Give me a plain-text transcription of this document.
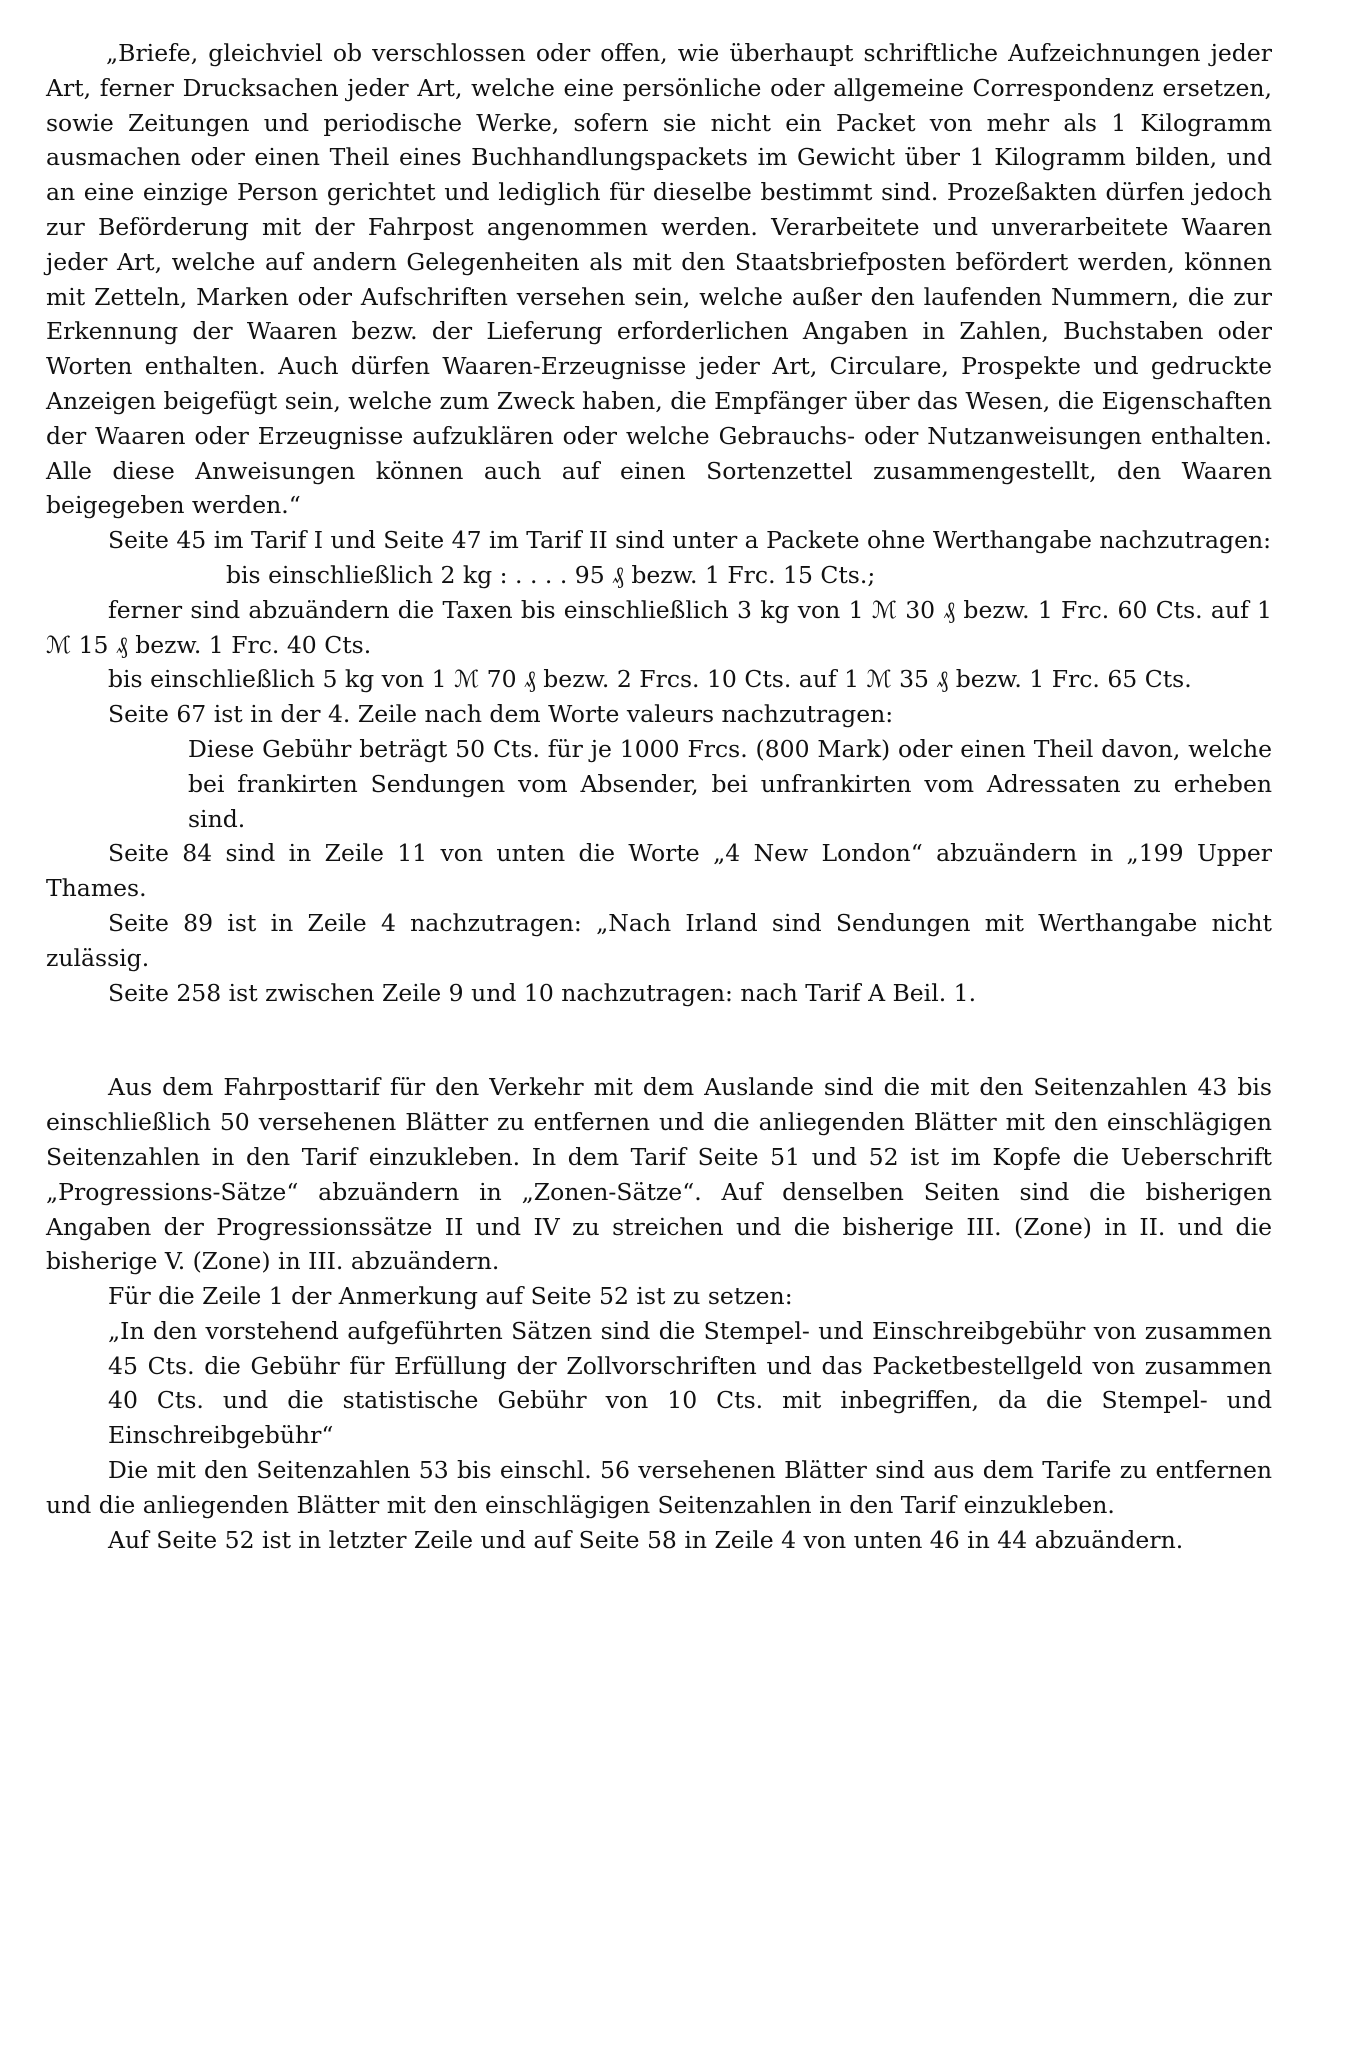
„Briefe, gleichviel ob verschlossen oder offen, wie überhaupt schriftliche Aufzeichnungen jeder Art, ferner Drucksachen jeder Art, welche eine persönliche oder allgemeine Correspondenz ersetzen, sowie Zeitungen und periodische Werke, sofern sie nicht ein Packet von mehr als 1 Kilogramm ausmachen oder einen Theil eines Buchhandlungspackets im Gewicht über 1 Kilogramm bilden, und an eine einzige Person gerichtet und lediglich für dieselbe bestimmt sind. Prozeßakten dürfen jedoch zur Beförderung mit der Fahrpost angenommen werden. Verarbeitete und unverarbeitete Waaren jeder Art, welche auf andern Gelegenheiten als mit den Staatsbriefposten befördert werden, können mit Zetteln, Marken oder Aufschriften versehen sein, welche außer den laufenden Nummern, die zur Erkennung der Waaren bezw. der Lieferung erforderlichen Angaben in Zahlen, Buchstaben oder Worten enthalten. Auch dürfen Waaren-Erzeugnisse jeder Art, Circulare, Prospekte und gedruckte Anzeigen beigefügt sein, welche zum Zweck haben, die Empfänger über das Wesen, die Eigenschaften der Waaren oder Erzeugnisse aufzuklären oder welche Gebrauchs- oder Nutzanweisungen enthalten. Alle diese Anweisungen können auch auf einen Sortenzettel zusammengestellt, den Waaren beigegeben werden.“

Seite 45 im Tarif I und Seite 47 im Tarif II sind unter a Packete ohne Werthangabe nachzutragen:

bis einschließlich 2 kg : . . . . 95 ₰ bezw. 1 Frc. 15 Cts.;

ferner sind abzuändern die Taxen bis einschließlich 3 kg von 1 ℳ 30 ₰ bezw. 1 Frc. 60 Cts. auf 1 ℳ 15 ₰ bezw. 1 Frc. 40 Cts.

bis einschließlich 5 kg von 1 ℳ 70 ₰ bezw. 2 Frcs. 10 Cts. auf 1 ℳ 35 ₰ bezw. 1 Frc. 65 Cts.

Seite 67 ist in der 4. Zeile nach dem Worte valeurs nachzutragen:

Diese Gebühr beträgt 50 Cts. für je 1000 Frcs. (800 Mark) oder einen Theil davon, welche bei frankirten Sendungen vom Absender, bei unfrankirten vom Adressaten zu erheben sind.

Seite 84 sind in Zeile 11 von unten die Worte „4 New London“ abzuändern in „199 Upper Thames.

Seite 89 ist in Zeile 4 nachzutragen: „Nach Irland sind Sendungen mit Werthangabe nicht zulässig.

Seite 258 ist zwischen Zeile 9 und 10 nachzutragen: nach Tarif A Beil. 1.

Aus dem Fahrposttarif für den Verkehr mit dem Auslande sind die mit den Seitenzahlen 43 bis einschließlich 50 versehenen Blätter zu entfernen und die anliegenden Blätter mit den einschlägigen Seitenzahlen in den Tarif einzukleben. In dem Tarif Seite 51 und 52 ist im Kopfe die Ueberschrift „Progressions-Sätze“ abzuändern in „Zonen-Sätze“. Auf denselben Seiten sind die bisherigen Angaben der Progressionssätze II und IV zu streichen und die bisherige III. (Zone) in II. und die bisherige V. (Zone) in III. abzuändern.

Für die Zeile 1 der Anmerkung auf Seite 52 ist zu setzen:

„In den vorstehend aufgeführten Sätzen sind die Stempel- und Einschreibgebühr von zusammen 45 Cts. die Gebühr für Erfüllung der Zollvorschriften und das Packetbestellgeld von zusammen 40 Cts. und die statistische Gebühr von 10 Cts. mit inbegriffen, da die Stempel- und Einschreibgebühr“

Die mit den Seitenzahlen 53 bis einschl. 56 versehenen Blätter sind aus dem Tarife zu entfernen und die anliegenden Blätter mit den einschlägigen Seitenzahlen in den Tarif einzukleben.

Auf Seite 52 ist in letzter Zeile und auf Seite 58 in Zeile 4 von unten 46 in 44 abzuändern.
